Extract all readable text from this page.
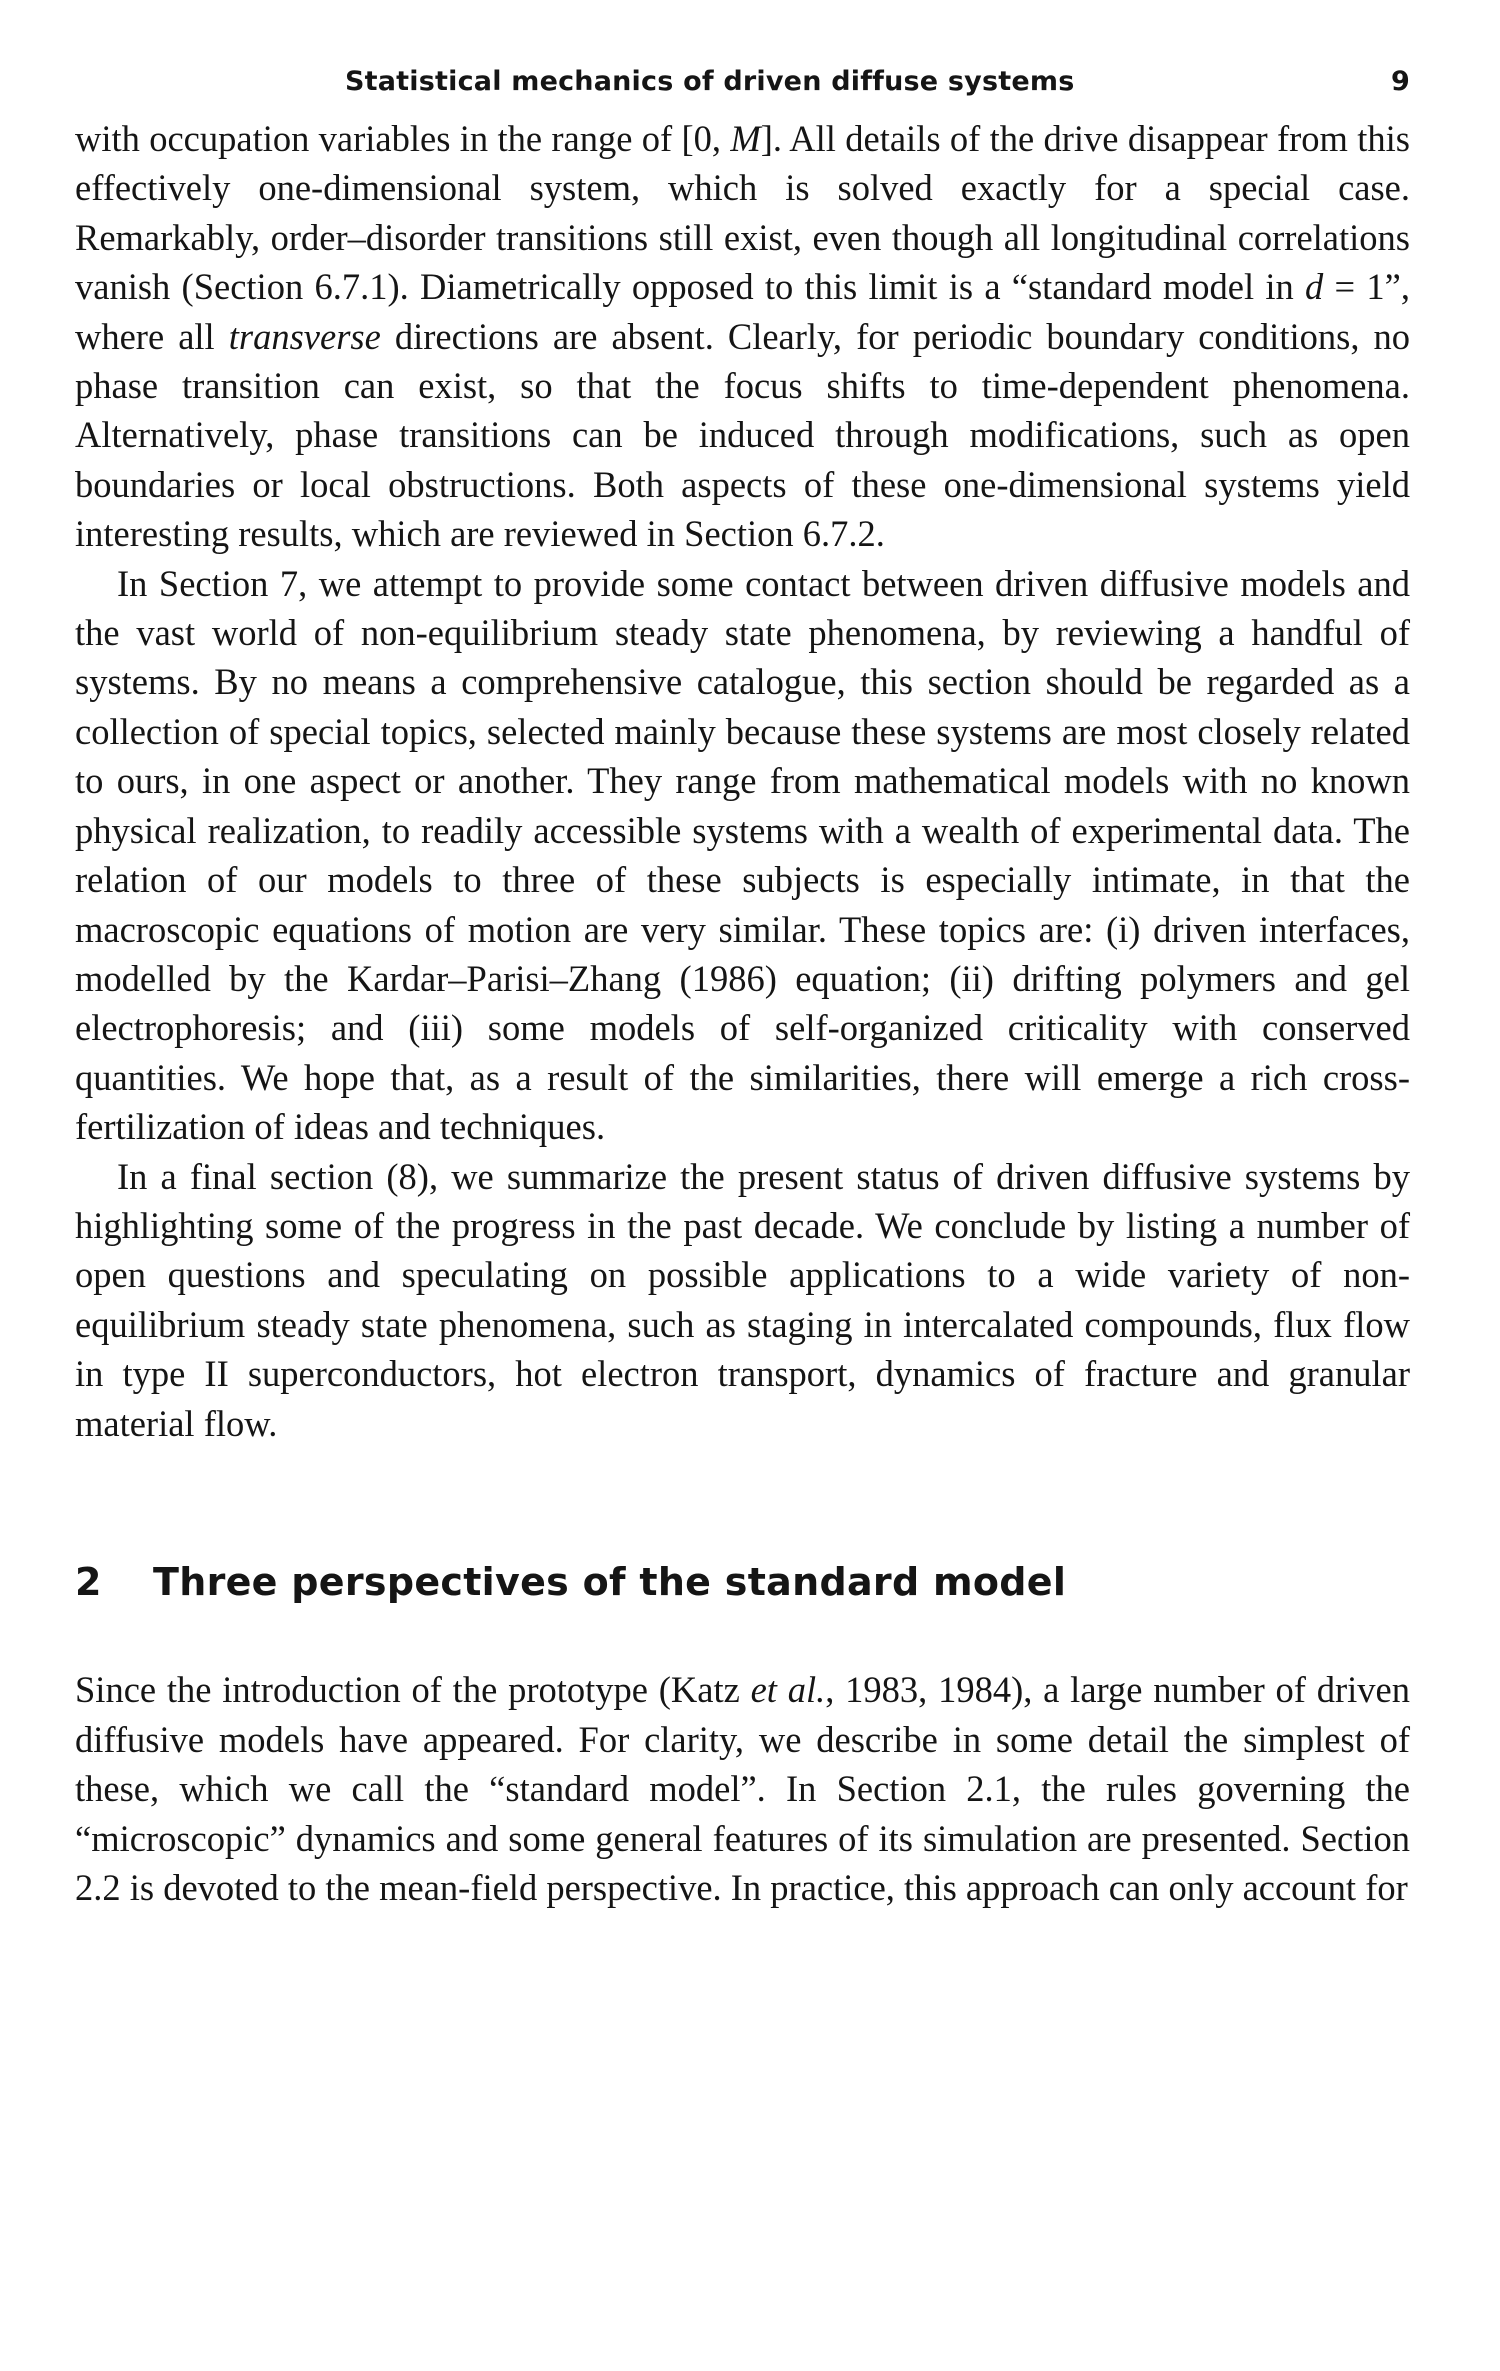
Statistical mechanics of driven diffuse systems	9

with occupation variables in the range of [0, M]. All details of the drive disappear from this effectively one-dimensional system, which is solved exactly for a special case. Remarkably, order–disorder transitions still exist, even though all longitudinal correlations vanish (Section 6.7.1). Diametrically opposed to this limit is a “standard model in d = 1”, where all transverse directions are absent. Clearly, for periodic boundary conditions, no phase transition can exist, so that the focus shifts to time-dependent phenomena. Alternatively, phase transitions can be induced through modifications, such as open boundaries or local obstructions. Both aspects of these one-dimensional systems yield interesting results, which are reviewed in Section 6.7.2.

In Section 7, we attempt to provide some contact between driven diffusive models and the vast world of non-equilibrium steady state phenomena, by reviewing a handful of systems. By no means a comprehensive catalogue, this section should be regarded as a collection of special topics, selected mainly because these systems are most closely related to ours, in one aspect or another. They range from mathematical models with no known physical realization, to readily accessible systems with a wealth of experimental data. The relation of our models to three of these subjects is especially intimate, in that the macroscopic equations of motion are very similar. These topics are: (i) driven interfaces, modelled by the Kardar–Parisi–Zhang (1986) equation; (ii) drifting polymers and gel electrophoresis; and (iii) some models of self-organized criticality with conserved quantities. We hope that, as a result of the similarities, there will emerge a rich cross-fertilization of ideas and techniques.

In a final section (8), we summarize the present status of driven diffusive systems by highlighting some of the progress in the past decade. We conclude by listing a number of open questions and speculating on possible applications to a wide variety of non-equilibrium steady state phenomena, such as staging in intercalated compounds, flux flow in type II superconductors, hot electron transport, dynamics of fracture and granular material flow.

2 Three perspectives of the standard model

Since the introduction of the prototype (Katz et al., 1983, 1984), a large number of driven diffusive models have appeared. For clarity, we describe in some detail the simplest of these, which we call the “standard model”. In Section 2.1, the rules governing the “microscopic” dynamics and some general features of its simulation are presented. Section 2.2 is devoted to the mean-field perspective. In practice, this approach can only account for
